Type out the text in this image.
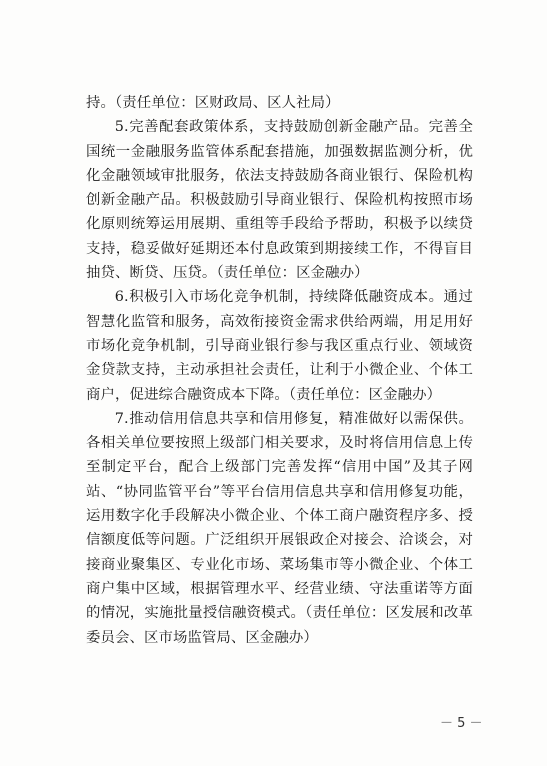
持。（责任单位：区财政局、区人社局）

5.完善配套政策体系，支持鼓励创新金融产品。完善全国统一金融服务监管体系配套措施，加强数据监测分析，优化金融领域审批服务，依法支持鼓励各商业银行、保险机构创新金融产品。积极鼓励引导商业银行、保险机构按照市场化原则统筹运用展期、重组等手段给予帮助，积极予以续贷支持，稳妥做好延期还本付息政策到期接续工作，不得盲目抽贷、断贷、压贷。（责任单位：区金融办）

6.积极引入市场化竞争机制，持续降低融资成本。通过智慧化监管和服务，高效衔接资金需求供给两端，用足用好市场化竞争机制，引导商业银行参与我区重点行业、领域资金贷款支持，主动承担社会责任，让利于小微企业、个体工商户，促进综合融资成本下降。（责任单位：区金融办）

7.推动信用信息共享和信用修复，精准做好以需保供。各相关单位要按照上级部门相关要求，及时将信用信息上传至制定平台，配合上级部门完善发挥“信用中国”及其子网站、“协同监管平台”等平台信用信息共享和信用修复功能，运用数字化手段解决小微企业、个体工商户融资程序多、授信额度低等问题。广泛组织开展银政企对接会、洽谈会，对接商业聚集区、专业化市场、菜场集市等小微企业、个体工商户集中区域，根据管理水平、经营业绩、守法重诺等方面的情况，实施批量授信融资模式。（责任单位：区发展和改革委员会、区市场监管局、区金融办）

－ 5 －
